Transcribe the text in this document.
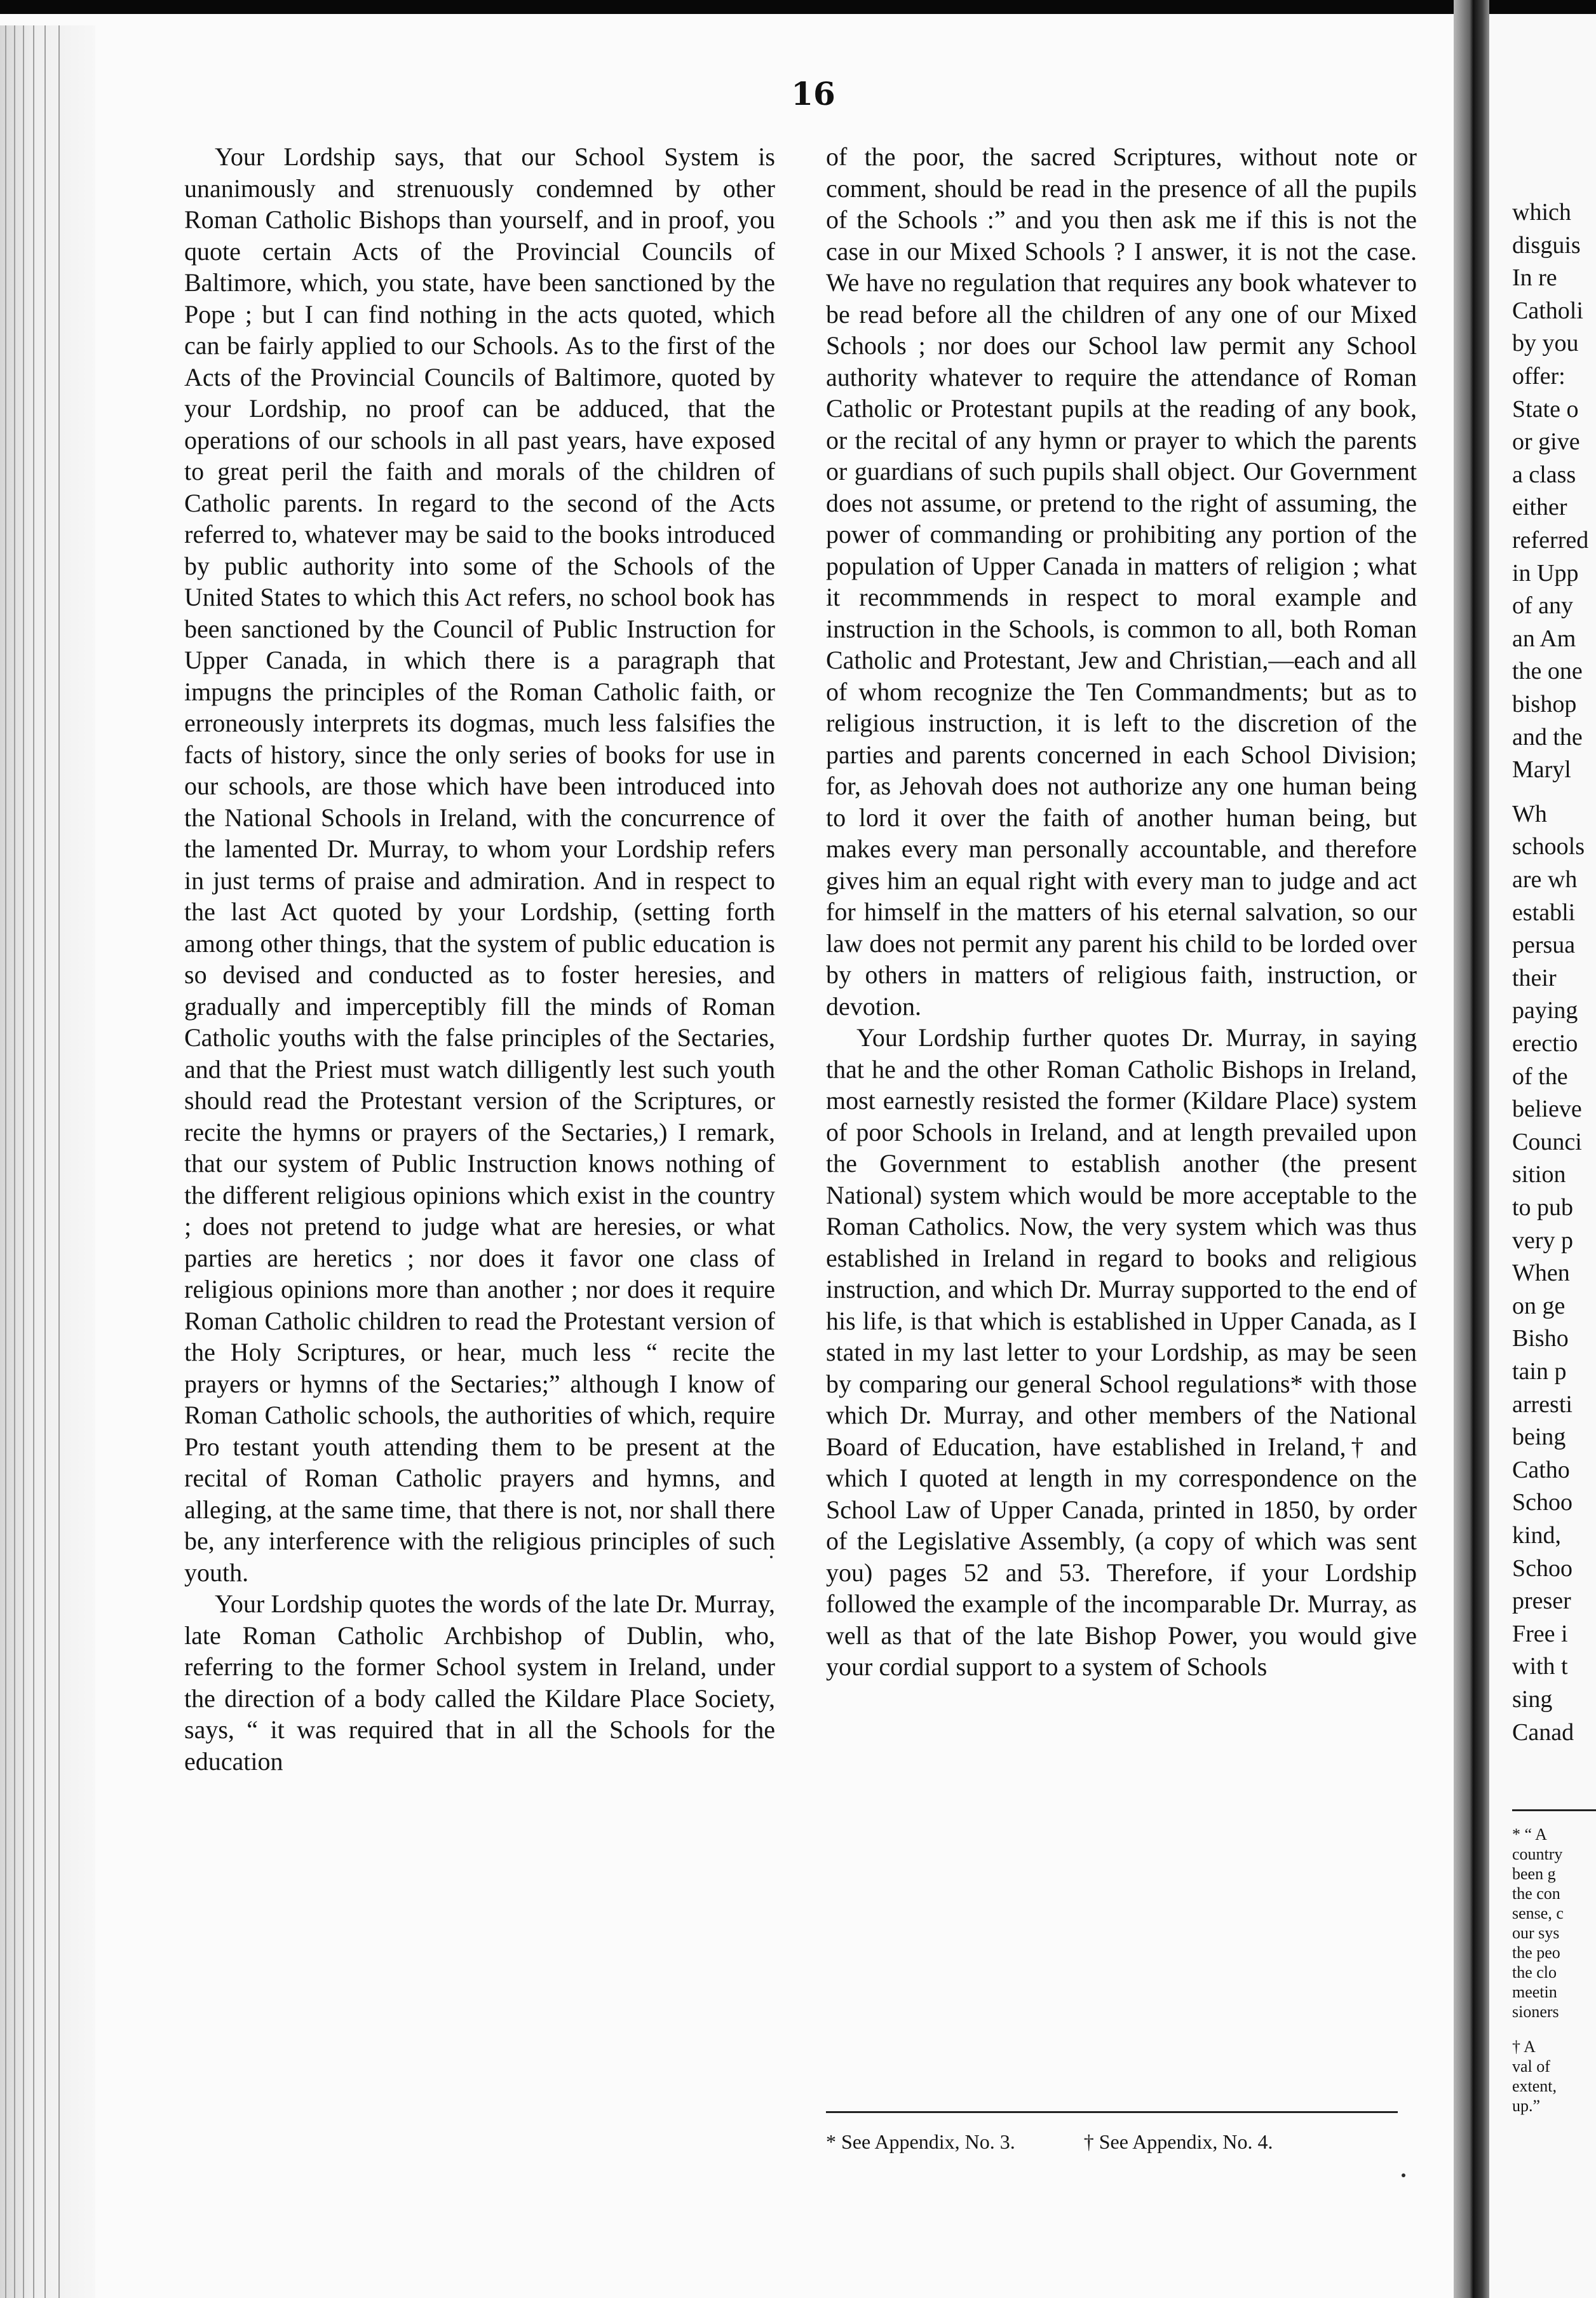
16

Your Lordship says, that our School System is unanimously and strenuously condemned by other Roman Catholic Bishops than yourself, and in proof, you quote certain Acts of the Provincial Councils of Baltimore, which, you state, have been sanctioned by the Pope ; but I can find nothing in the acts quoted, which can be fairly applied to our Schools. As to the first of the Acts of the Provincial Councils of Baltimore, quoted by your Lordship, no proof can be adduced, that the operations of our schools in all past years, have exposed to great peril the faith and morals of the children of Catholic parents. In regard to the second of the Acts referred to, whatever may be said to the books introduced by public authority into some of the Schools of the United States to which this Act refers, no school book has been sanctioned by the Council of Public Instruction for Upper Canada, in which there is a paragraph that impugns the principles of the Roman Catholic faith, or erroneously interprets its dogmas, much less falsifies the facts of history, since the only series of books for use in our schools, are those which have been introduced into the National Schools in Ireland, with the concurrence of the lamented Dr. Murray, to whom your Lordship refers in just terms of praise and admiration. And in respect to the last Act quoted by your Lordship, (setting forth among other things, that the system of public education is so devised and conducted as to foster heresies, and gradually and imperceptibly fill the minds of Roman Catholic youths with the false principles of the Sectaries, and that the Priest must watch dilligently lest such youth should read the Protestant version of the Scriptures, or recite the hymns or prayers of the Sectaries,) I remark, that our system of Public Instruction knows nothing of the different religious opinions which exist in the country ; does not pretend to judge what are heresies, or what parties are heretics ; nor does it favor one class of religious opinions more than another ; nor does it require Roman Catholic children to read the Protestant version of the Holy Scriptures, or hear, much less “ recite the prayers or hymns of the Sectaries;” although I know of Roman Catholic schools, the authorities of which, require Pro testant youth attending them to be present at the recital of Roman Catholic prayers and hymns, and alleging, at the same time, that there is not, nor shall there be, any interference with the religious principles of such youth.

Your Lordship quotes the words of the late Dr. Murray, late Roman Catholic Archbishop of Dublin, who, referring to the former School system in Ireland, under the direction of a body called the Kildare Place Society, says, “ it was required that in all the Schools for the education

of the poor, the sacred Scriptures, without note or comment, should be read in the presence of all the pupils of the Schools :” and you then ask me if this is not the case in our Mixed Schools ? I answer, it is not the case. We have no regulation that requires any book whatever to be read before all the children of any one of our Mixed Schools ; nor does our School law permit any School authority whatever to require the attendance of Roman Catholic or Protestant pupils at the reading of any book, or the recital of any hymn or prayer to which the parents or guardians of such pupils shall object. Our Government does not assume, or pretend to the right of assuming, the power of commanding or prohibiting any portion of the population of Upper Canada in matters of religion ; what it recommmends in respect to moral example and instruction in the Schools, is common to all, both Roman Catholic and Protestant, Jew and Christian,—each and all of whom recognize the Ten Commandments; but as to religious instruction, it is left to the discretion of the parties and parents concerned in each School Division; for, as Jehovah does not authorize any one human being to lord it over the faith of another human being, but makes every man personally accountable, and therefore gives him an equal right with every man to judge and act for himself in the matters of his eternal salvation, so our law does not permit any parent his child to be lorded over by others in matters of religious faith, instruction, or devotion.

Your Lordship further quotes Dr. Murray, in saying that he and the other Roman Catholic Bishops in Ireland, most earnestly resisted the former (Kildare Place) system of poor Schools in Ireland, and at length prevailed upon the Government to establish another (the present National) system which would be more acceptable to the Roman Catholics. Now, the very system which was thus established in Ireland in regard to books and religious instruction, and which Dr. Murray supported to the end of his life, is that which is established in Upper Canada, as I stated in my last letter to your Lordship, as may be seen by comparing our general School regulations* with those which Dr. Murray, and other members of the National Board of Education, have established in Ireland,† and which I quoted at length in my correspondence on the School Law of Upper Canada, printed in 1850, by order of the Legislative Assembly, (a copy of which was sent you) pages 52 and 53. Therefore, if your Lordship followed the example of the incomparable Dr. Murray, as well as that of the late Bishop Power, you would give your cordial support to a system of Schools

* See Appendix, No. 3.	† See Appendix, No. 4.
which
disguis
In re
Catholi
by you
offer:
State o
or give
a class
either
referred
in Upp
of any
an Am
the one
bishop
and the
Maryl
Wh
schools
are wh
establi
persua
their
paying
erectio
of the
believe
Counci
sition
to pub
very p
When
on ge
Bisho
tain p
arresti
being
Catho
Schoo
kind,
Schoo
preser
Free i
with t
sing
Canad
* “ A
country
been g
the con
sense, c
our sys
the peo
the clo
meetin
sioners
† A
val of
extent,
up.”
